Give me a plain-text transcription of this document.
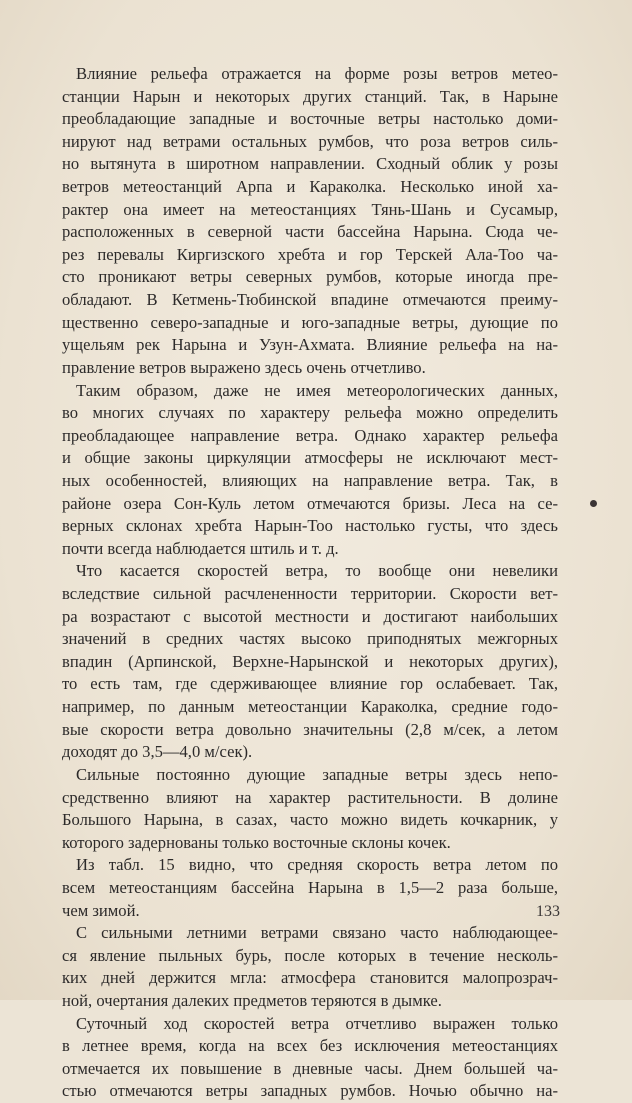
Влияние рельефа отражается на форме розы ветров метео-
станции Нарын и некоторых других станций. Так, в Нарыне
преобладающие западные и восточные ветры настолько доми-
нируют над ветрами остальных румбов, что роза ветров силь-
но вытянута в широтном направлении. Сходный облик у розы
ветров метеостанций Арпа и Караколка. Несколько иной ха-
рактер она имеет на метеостанциях Тянь-Шань и Сусамыр,
расположенных в северной части бассейна Нарына. Сюда че-
рез перевалы Киргизского хребта и гор Терскей Ала-Тоо ча-
сто проникают ветры северных румбов, которые иногда пре-
обладают. В Кетмень-Тюбинской впадине отмечаются преиму-
щественно северо-западные и юго-западные ветры, дующие по
ущельям рек Нарына и Узун-Ахмата. Влияние рельефа на на-
правление ветров выражено здесь очень отчетливо.
Таким образом, даже не имея метеорологических данных,
во многих случаях по характеру рельефа можно определить
преобладающее направление ветра. Однако характер рельефа
и общие законы циркуляции атмосферы не исключают мест-
ных особенностей, влияющих на направление ветра. Так, в
районе озера Сон-Куль летом отмечаются бризы. Леса на се-
верных склонах хребта Нарын-Тоо настолько густы, что здесь
почти всегда наблюдается штиль и т. д.
Что касается скоростей ветра, то вообще они невелики
вследствие сильной расчлененности территории. Скорости вет-
ра возрастают с высотой местности и достигают наибольших
значений в средних частях высоко приподнятых межгорных
впадин (Арпинской, Верхне-Нарынской и некоторых других),
то есть там, где сдерживающее влияние гор ослабевает. Так,
например, по данным метеостанции Караколка, средние годо-
вые скорости ветра довольно значительны (2,8 м/сек, а летом
доходят до 3,5—4,0 м/сек).
Сильные постоянно дующие западные ветры здесь непо-
средственно влияют на характер растительности. В долине
Большого Нарына, в сазах, часто можно видеть кочкарник, у
которого задернованы только восточные склоны кочек.
Из табл. 15 видно, что средняя скорость ветра летом по
всем метеостанциям бассейна Нарына в 1,5—2 раза больше,
чем зимой.
С сильными летними ветрами связано часто наблюдающее-
ся явление пыльных бурь, после которых в течение несколь-
ких дней держится мгла: атмосфера становится малопрозрач-
ной, очертания далеких предметов теряются в дымке.
Суточный ход скоростей ветра отчетливо выражен только
в летнее время, когда на всех без исключения метеостанциях
отмечается их повышение в дневные часы. Днем большей ча-
стью отмечаются ветры западных румбов. Ночью обычно на-
133
